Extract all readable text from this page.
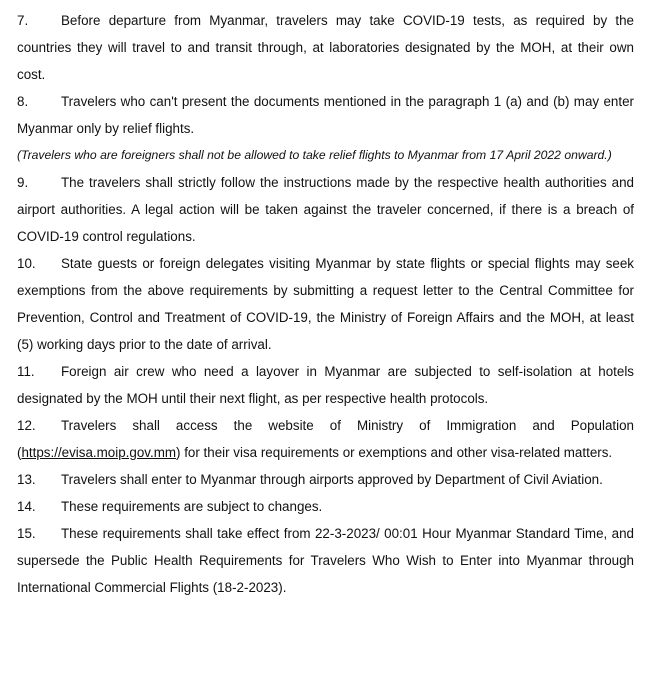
7. Before departure from Myanmar, travelers may take COVID-19 tests, as required by the countries they will travel to and transit through, at laboratories designated by the MOH, at their own cost.

8. Travelers who can't present the documents mentioned in the paragraph 1 (a) and (b) may enter Myanmar only by relief flights.

(Travelers who are foreigners shall not be allowed to take relief flights to Myanmar from 17 April 2022 onward.)

9. The travelers shall strictly follow the instructions made by the respective health authorities and airport authorities. A legal action will be taken against the traveler concerned, if there is a breach of COVID-19 control regulations.

10. State guests or foreign delegates visiting Myanmar by state flights or special flights may seek exemptions from the above requirements by submitting a request letter to the Central Committee for Prevention, Control and Treatment of COVID-19, the Ministry of Foreign Affairs and the MOH, at least (5) working days prior to the date of arrival.

11. Foreign air crew who need a layover in Myanmar are subjected to self-isolation at hotels designated by the MOH until their next flight, as per respective health protocols.

12. Travelers shall access the website of Ministry of Immigration and Population (https://evisa.moip.gov.mm) for their visa requirements or exemptions and other visa-related matters.

13. Travelers shall enter to Myanmar through airports approved by Department of Civil Aviation.

14. These requirements are subject to changes.

15. These requirements shall take effect from 22-3-2023/ 00:01 Hour Myanmar Standard Time, and supersede the Public Health Requirements for Travelers Who Wish to Enter into Myanmar through International Commercial Flights (18-2-2023).
